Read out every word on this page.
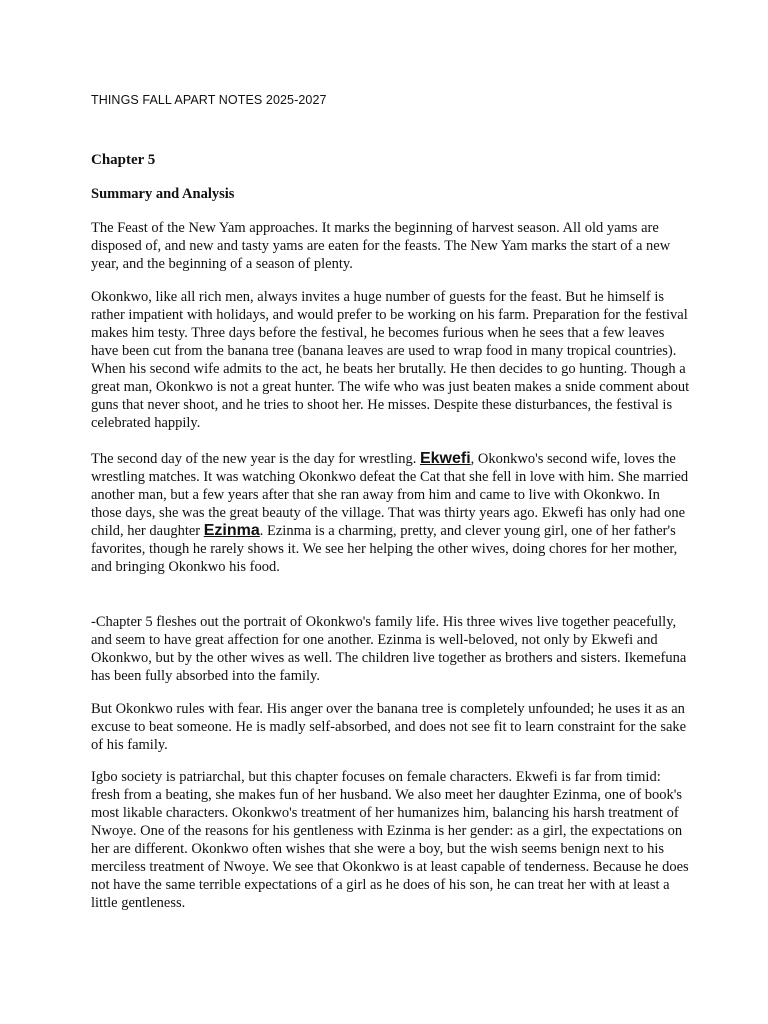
THINGS FALL APART NOTES 2025-2027
Chapter 5
Summary and Analysis

The Feast of the New Yam approaches. It marks the beginning of harvest season. All old yams are disposed of, and new and tasty yams are eaten for the feasts. The New Yam marks the start of a new year, and the beginning of a season of plenty.

Okonkwo, like all rich men, always invites a huge number of guests for the feast. But he himself is rather impatient with holidays, and would prefer to be working on his farm. Preparation for the festival makes him testy. Three days before the festival, he becomes furious when he sees that a few leaves have been cut from the banana tree (banana leaves are used to wrap food in many tropical countries). When his second wife admits to the act, he beats her brutally. He then decides to go hunting. Though a great man, Okonkwo is not a great hunter. The wife who was just beaten makes a snide comment about guns that never shoot, and he tries to shoot her. He misses. Despite these disturbances, the festival is celebrated happily.

The second day of the new year is the day for wrestling. Ekwefi, Okonkwo's second wife, loves the wrestling matches. It was watching Okonkwo defeat the Cat that she fell in love with him. She married another man, but a few years after that she ran away from him and came to live with Okonkwo. In those days, she was the great beauty of the village. That was thirty years ago. Ekwefi has only had one child, her daughter Ezinma. Ezinma is a charming, pretty, and clever young girl, one of her father's favorites, though he rarely shows it. We see her helping the other wives, doing chores for her mother, and bringing Okonkwo his food.

-Chapter 5 fleshes out the portrait of Okonkwo's family life. His three wives live together peacefully, and seem to have great affection for one another. Ezinma is well-beloved, not only by Ekwefi and Okonkwo, but by the other wives as well. The children live together as brothers and sisters. Ikemefuna has been fully absorbed into the family.

But Okonkwo rules with fear. His anger over the banana tree is completely unfounded; he uses it as an excuse to beat someone. He is madly self-absorbed, and does not see fit to learn constraint for the sake of his family.

Igbo society is patriarchal, but this chapter focuses on female characters. Ekwefi is far from timid: fresh from a beating, she makes fun of her husband. We also meet her daughter Ezinma, one of book's most likable characters. Okonkwo's treatment of her humanizes him, balancing his harsh treatment of Nwoye. One of the reasons for his gentleness with Ezinma is her gender: as a girl, the expectations on her are different. Okonkwo often wishes that she were a boy, but the wish seems benign next to his merciless treatment of Nwoye. We see that Okonkwo is at least capable of tenderness. Because he does not have the same terrible expectations of a girl as he does of his son, he can treat her with at least a little gentleness.
